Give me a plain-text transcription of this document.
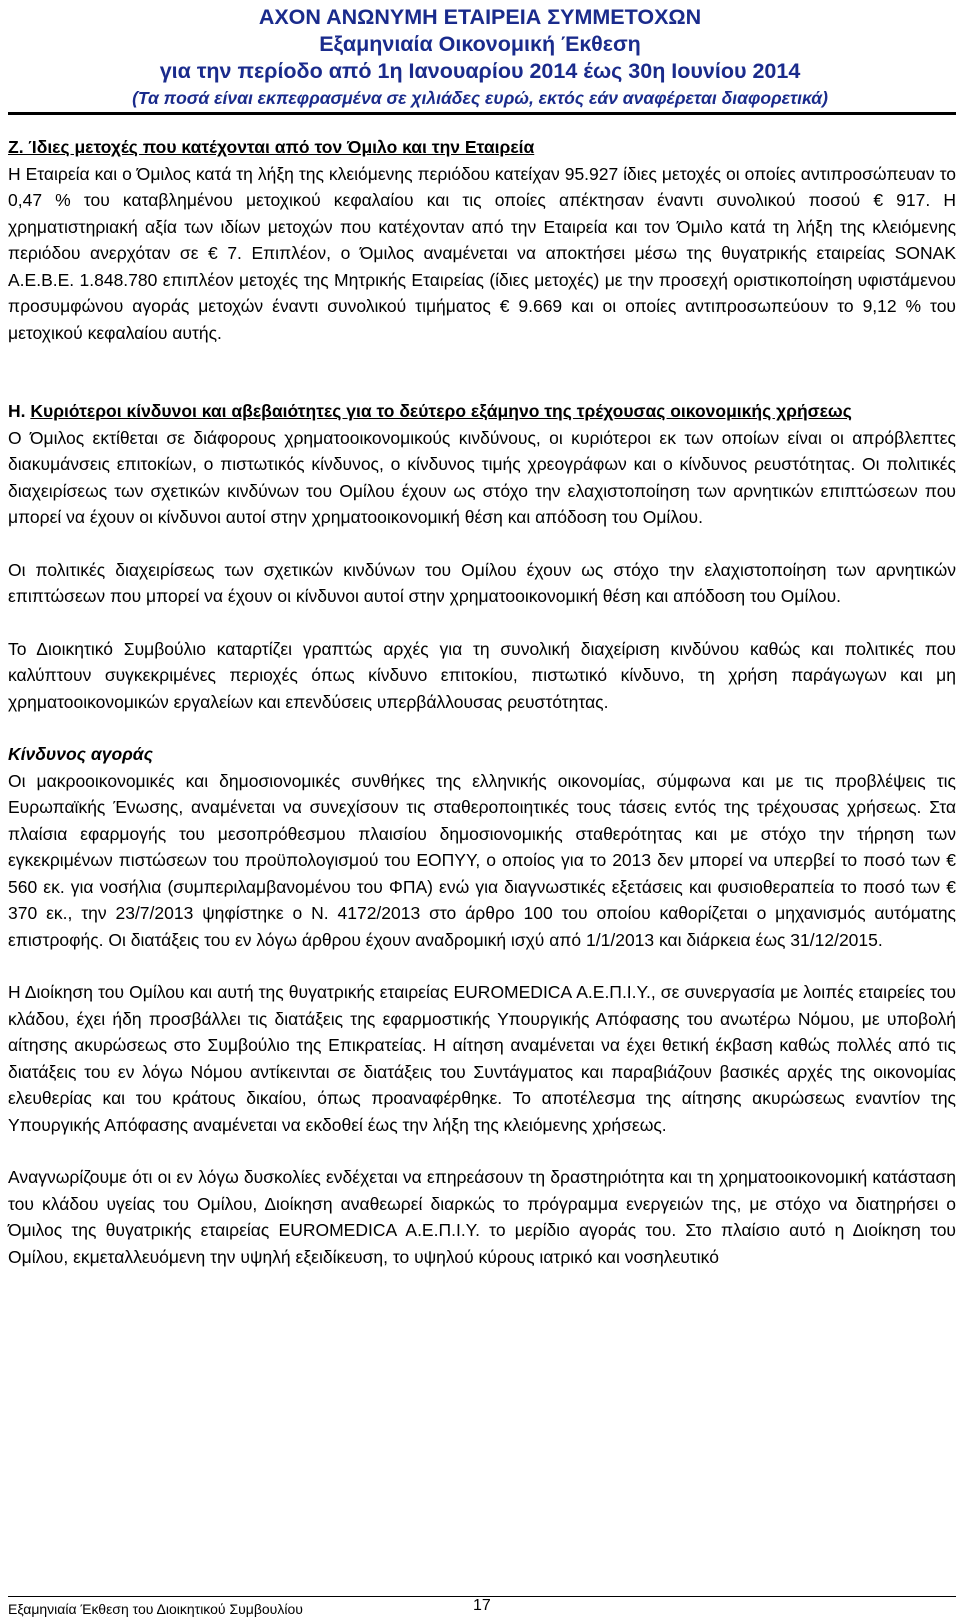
ΑΧΟΝ ΑΝΩΝΥΜΗ ΕΤΑΙΡΕΙΑ ΣΥΜΜΕΤΟΧΩΝ
Εξαμηνιαία Οικονομική Έκθεση
για την περίοδο από 1η Ιανουαρίου 2014 έως 30η Ιουνίου 2014
(Τα ποσά είναι εκπεφρασμένα σε χιλιάδες ευρώ, εκτός εάν αναφέρεται διαφορετικά)

Ζ. Ίδιες μετοχές που κατέχονται από τον Όμιλο και την Εταιρεία

Η Εταιρεία και ο Όμιλος κατά τη λήξη της κλειόμενης περιόδου κατείχαν 95.927 ίδιες μετοχές οι οποίες αντιπροσώπευαν το 0,47 % του καταβλημένου μετοχικού κεφαλαίου και τις οποίες απέκτησαν έναντι συνολικού ποσού € 917. Η χρηματιστηριακή αξία των ιδίων μετοχών που κατέχονταν από την Εταιρεία και τον Όμιλο κατά τη λήξη της κλειόμενης περιόδου ανερχόταν σε € 7. Επιπλέον, ο Όμιλος αναμένεται να αποκτήσει μέσω της θυγατρικής εταιρείας SONAK Α.Ε.Β.Ε. 1.848.780 επιπλέον μετοχές της Μητρικής Εταιρείας (ίδιες μετοχές) με την προσεχή οριστικοποίηση υφιστάμενου προσυμφώνου αγοράς μετοχών έναντι συνολικού τιμήματος € 9.669 και οι οποίες αντιπροσωπεύουν το 9,12 % του μετοχικού κεφαλαίου αυτής.

Η. Κυριότεροι κίνδυνοι και αβεβαιότητες για το δεύτερο εξάμηνο της τρέχουσας οικονομικής χρήσεως

Ο Όμιλος εκτίθεται σε διάφορους χρηματοοικονομικούς κινδύνους, οι κυριότεροι εκ των οποίων είναι οι απρόβλεπτες διακυμάνσεις επιτοκίων, ο πιστωτικός κίνδυνος, ο κίνδυνος τιμής χρεογράφων και ο κίνδυνος ρευστότητας. Οι πολιτικές διαχειρίσεως των σχετικών κινδύνων του Ομίλου έχουν ως στόχο την ελαχιστοποίηση των αρνητικών επιπτώσεων που μπορεί να έχουν οι κίνδυνοι αυτοί στην χρηματοοικονομική θέση και απόδοση του Ομίλου.

Οι πολιτικές διαχειρίσεως των σχετικών κινδύνων του Ομίλου έχουν ως στόχο την ελαχιστοποίηση των αρνητικών επιπτώσεων που μπορεί να έχουν οι κίνδυνοι αυτοί στην χρηματοοικονομική θέση και απόδοση του Ομίλου.

Το Διοικητικό Συμβούλιο καταρτίζει γραπτώς αρχές για τη συνολική διαχείριση κινδύνου καθώς και πολιτικές που καλύπτουν συγκεκριμένες περιοχές όπως κίνδυνο επιτοκίου, πιστωτικό κίνδυνο, τη χρήση παράγωγων και μη χρηματοοικονομικών εργαλείων και επενδύσεις υπερβάλλουσας ρευστότητας.

Κίνδυνος αγοράς

Οι μακροοικονομικές και δημοσιονομικές συνθήκες της ελληνικής οικονομίας, σύμφωνα και με τις προβλέψεις τις Ευρωπαϊκής Ένωσης, αναμένεται να συνεχίσουν τις σταθεροποιητικές τους τάσεις εντός της τρέχουσας χρήσεως. Στα πλαίσια εφαρμογής του μεσοπρόθεσμου πλαισίου δημοσιονομικής σταθερότητας και με στόχο την τήρηση των εγκεκριμένων πιστώσεων του προϋπολογισμού του ΕΟΠΥΥ, ο οποίος για το 2013 δεν μπορεί να υπερβεί το ποσό των € 560 εκ. για νοσήλια (συμπεριλαμβανομένου του ΦΠΑ) ενώ για διαγνωστικές εξετάσεις και φυσιοθεραπεία το ποσό των € 370 εκ., την 23/7/2013 ψηφίστηκε ο Ν. 4172/2013 στο άρθρο 100 του οποίου καθορίζεται ο μηχανισμός αυτόματης επιστροφής. Οι διατάξεις του εν λόγω άρθρου έχουν αναδρομική ισχύ από 1/1/2013 και διάρκεια έως 31/12/2015.

Η Διοίκηση του Ομίλου και αυτή της θυγατρικής εταιρείας EUROMEDICA Α.Ε.Π.Ι.Υ., σε συνεργασία με λοιπές εταιρείες του κλάδου, έχει ήδη προσβάλλει τις διατάξεις της εφαρμοστικής Υπουργικής Απόφασης του ανωτέρω Νόμου, με υποβολή αίτησης ακυρώσεως στο Συμβούλιο της Επικρατείας. Η αίτηση αναμένεται να έχει θετική έκβαση καθώς πολλές από τις διατάξεις του εν λόγω Νόμου αντίκεινται σε διατάξεις του Συντάγματος και παραβιάζουν βασικές αρχές της οικονομίας ελευθερίας και του κράτους δικαίου, όπως προαναφέρθηκε. Το αποτέλεσμα της αίτησης ακυρώσεως εναντίον της Υπουργικής Απόφασης αναμένεται να εκδοθεί έως την λήξη της κλειόμενης χρήσεως.

Αναγνωρίζουμε ότι οι εν λόγω δυσκολίες ενδέχεται να επηρεάσουν τη δραστηριότητα και τη χρηματοοικονομική κατάσταση του κλάδου υγείας του Ομίλου, Διοίκηση αναθεωρεί διαρκώς το πρόγραμμα ενεργειών της, με στόχο να διατηρήσει ο Όμιλος της θυγατρικής εταιρείας EUROMEDICA Α.Ε.Π.Ι.Υ. το μερίδιο αγοράς του. Στο πλαίσιο αυτό η Διοίκηση του Ομίλου, εκμεταλλευόμενη την υψηλή εξειδίκευση, το υψηλού κύρους ιατρικό και νοσηλευτικό

Εξαμηνιαία Έκθεση του Διοικητικού Συμβουλίου	17
